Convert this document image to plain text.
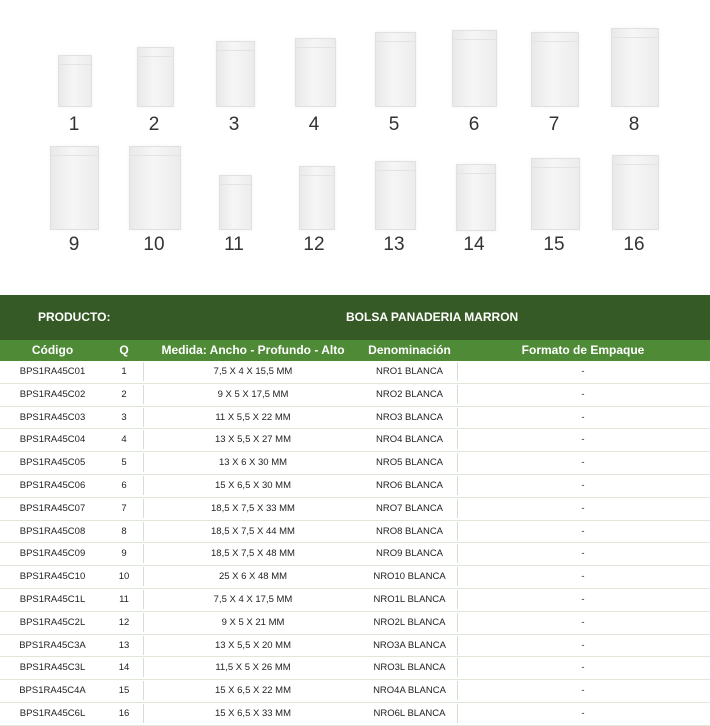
1	2	3	4	5	6	7	8
9	10	11	12	13	14	15	16
PRODUCTO:	BOLSA PANADERIA MARRON
Código	Q	Medida: Ancho - Profundo - Alto	Denominación	Formato de Empaque
BPS1RA45C01	1	7,5 X 4 X 15,5 MM	NRO1 BLANCA	-
BPS1RA45C02	2	9 X 5 X 17,5 MM	NRO2 BLANCA	-
BPS1RA45C03	3	11 X 5,5 X 22 MM	NRO3 BLANCA	-
BPS1RA45C04	4	13 X 5,5 X 27 MM	NRO4 BLANCA	-
BPS1RA45C05	5	13 X 6 X 30 MM	NRO5 BLANCA	-
BPS1RA45C06	6	15 X 6,5 X 30 MM	NRO6 BLANCA	-
BPS1RA45C07	7	18,5 X 7,5 X 33 MM	NRO7 BLANCA	-
BPS1RA45C08	8	18,5 X 7,5 X 44 MM	NRO8 BLANCA	-
BPS1RA45C09	9	18,5 X 7,5 X 48 MM	NRO9 BLANCA	-
BPS1RA45C10	10	25 X 6 X 48 MM	NRO10 BLANCA	-
BPS1RA45C1L	11	7,5 X 4 X 17,5 MM	NRO1L BLANCA	-
BPS1RA45C2L	12	9 X 5 X 21 MM	NRO2L BLANCA	-
BPS1RA45C3A	13	13 X 5,5 X 20 MM	NRO3A BLANCA	-
BPS1RA45C3L	14	11,5 X 5 X 26 MM	NRO3L BLANCA	-
BPS1RA45C4A	15	15 X 6,5 X 22 MM	NRO4A BLANCA	-
BPS1RA45C6L	16	15 X 6,5 X 33 MM	NRO6L BLANCA	-
